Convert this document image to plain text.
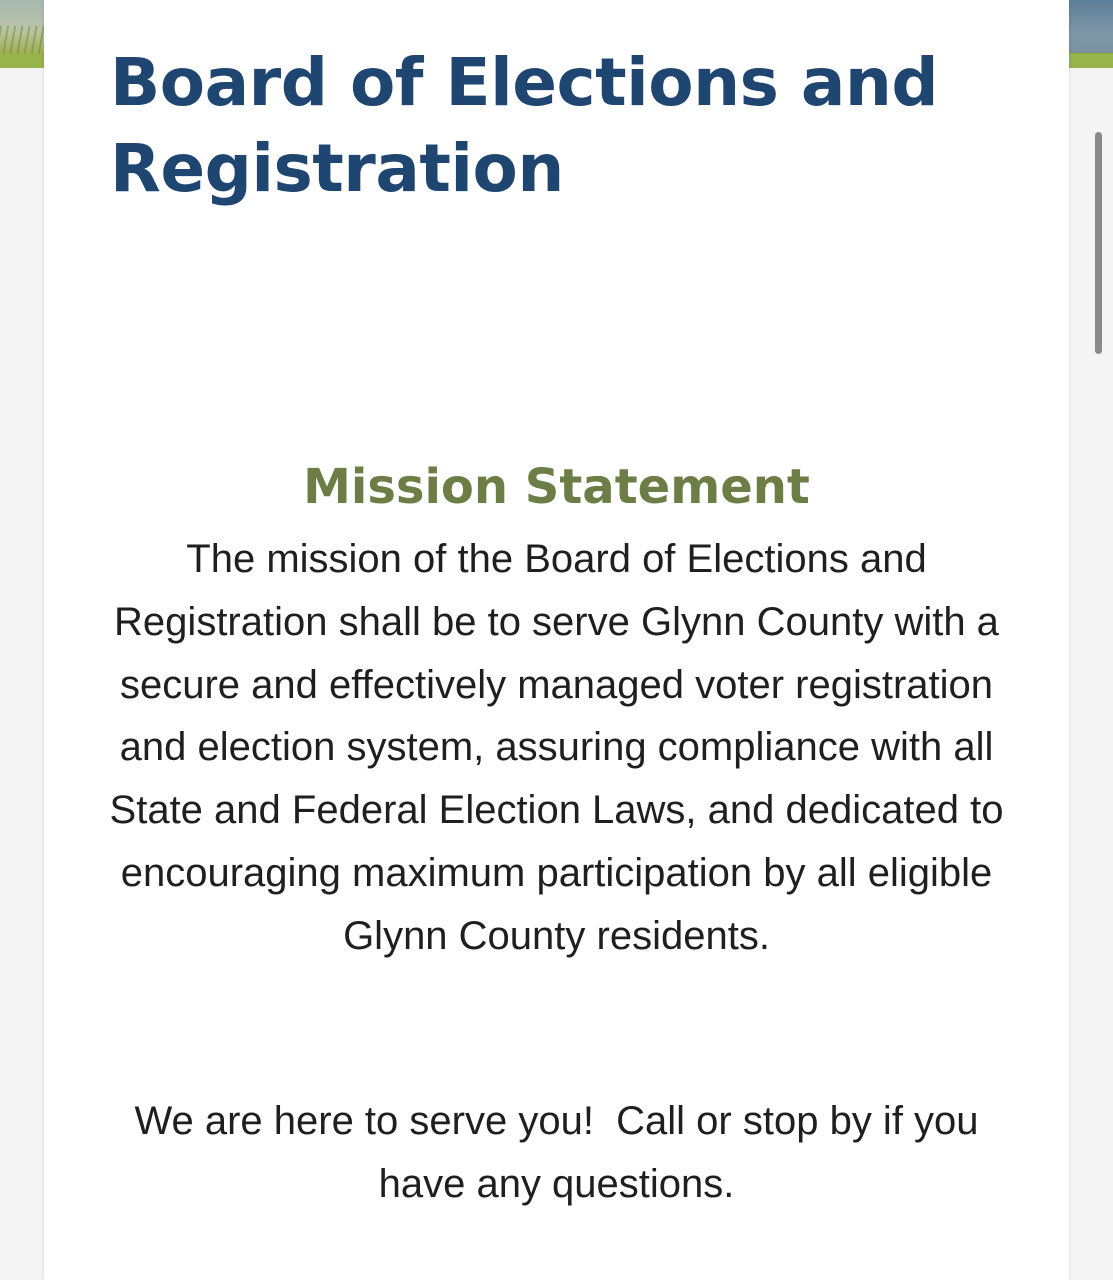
Board of Elections and Registration
Mission Statement

The mission of the Board of Elections and Registration shall be to serve Glynn County with a secure and effectively managed voter registration and election system, assuring compliance with all State and Federal Election Laws, and dedicated to encouraging maximum participation by all eligible Glynn County residents.

We are here to serve you!  Call or stop by if you have any questions.
